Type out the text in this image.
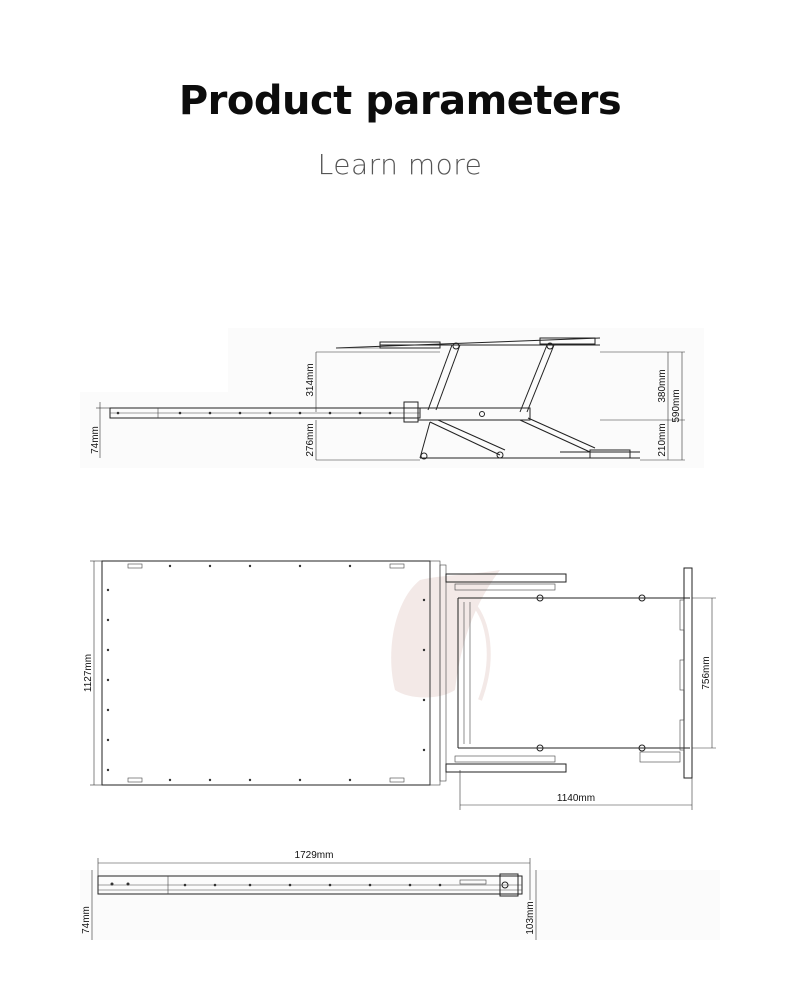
Product parameters
Learn more
74mm
314mm
276mm
380mm
590mm
210mm
1127mm	756mm
1140mm
1729mm
74mm	103mm
